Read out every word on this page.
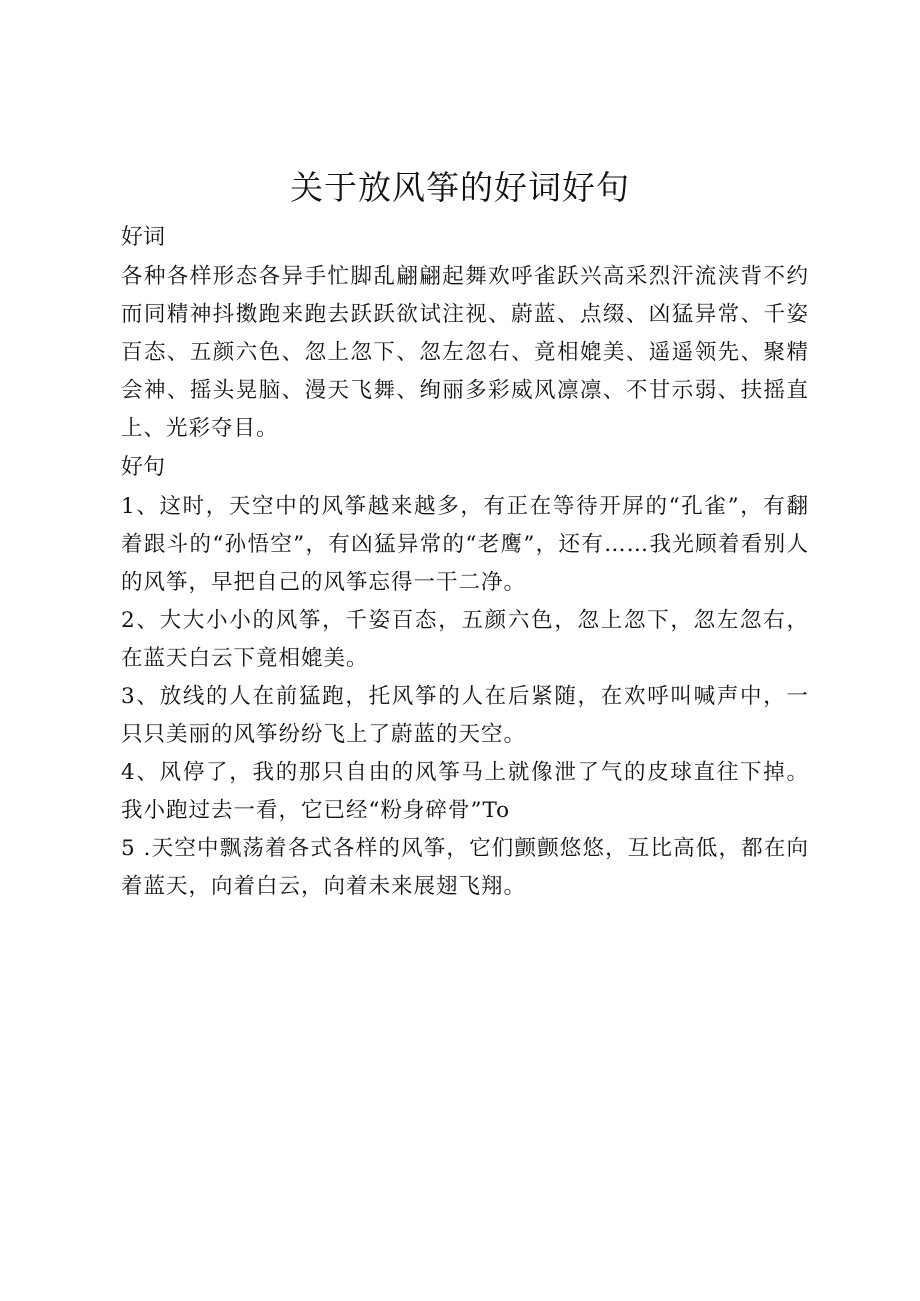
关于放风筝的好词好句
好词

各种各样形态各异手忙脚乱翩翩起舞欢呼雀跃兴高采烈汗流浃背不约而同精神抖擞跑来跑去跃跃欲试注视、蔚蓝、点缀、凶猛异常、千姿百态、五颜六色、忽上忽下、忽左忽右、竟相媲美、遥遥领先、聚精会神、摇头晃脑、漫天飞舞、绚丽多彩威风凛凛、不甘示弱、扶摇直上、光彩夺目。

好句

1、这时，天空中的风筝越来越多，有正在等待开屏的“孔雀”，有翻着跟斗的“孙悟空”，有凶猛异常的“老鹰”，还有……我光顾着看别人的风筝，早把自己的风筝忘得一干二净。

2、大大小小的风筝，千姿百态，五颜六色，忽上忽下，忽左忽右，在蓝天白云下竟相媲美。

3、放线的人在前猛跑，托风筝的人在后紧随，在欢呼叫喊声中，一只只美丽的风筝纷纷飞上了蔚蓝的天空。

4、风停了，我的那只自由的风筝马上就像泄了气的皮球直往下掉。我小跑过去一看，它已经“粉身碎骨”To

5 .天空中飘荡着各式各样的风筝，它们颤颤悠悠，互比高低，都在向着蓝天，向着白云，向着未来展翅飞翔。
